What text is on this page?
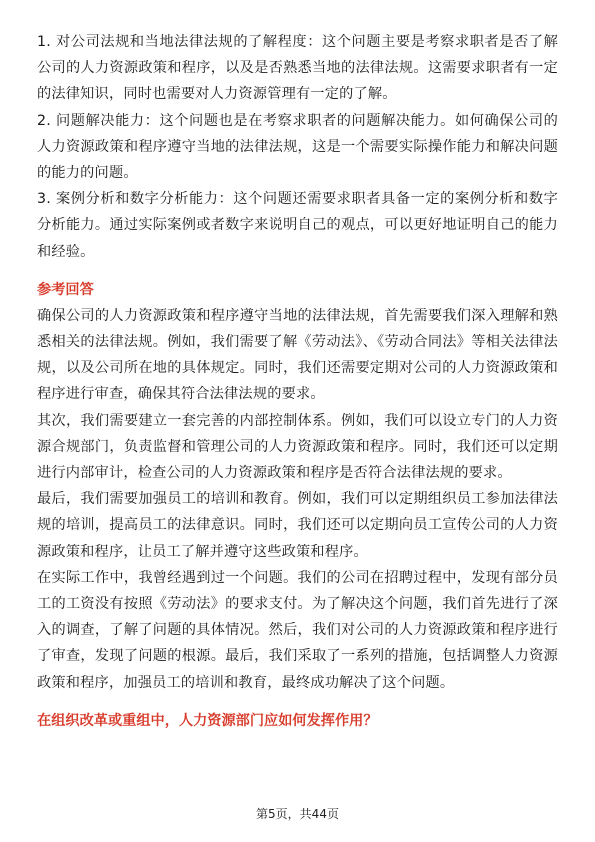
1. 对公司法规和当地法律法规的了解程度：这个问题主要是考察求职者是否了解公司的人力资源政策和程序，以及是否熟悉当地的法律法规。这需要求职者有一定的法律知识，同时也需要对人力资源管理有一定的了解。

2. 问题解决能力：这个问题也是在考察求职者的问题解决能力。如何确保公司的人力资源政策和程序遵守当地的法律法规，这是一个需要实际操作能力和解决问题的能力的问题。

3. 案例分析和数字分析能力：这个问题还需要求职者具备一定的案例分析和数字分析能力。通过实际案例或者数字来说明自己的观点，可以更好地证明自己的能力和经验。

参考回答

确保公司的人力资源政策和程序遵守当地的法律法规，首先需要我们深入理解和熟悉相关的法律法规。例如，我们需要了解《劳动法》、《劳动合同法》等相关法律法规，以及公司所在地的具体规定。同时，我们还需要定期对公司的人力资源政策和程序进行审查，确保其符合法律法规的要求。

其次，我们需要建立一套完善的内部控制体系。例如，我们可以设立专门的人力资源合规部门，负责监督和管理公司的人力资源政策和程序。同时，我们还可以定期进行内部审计，检查公司的人力资源政策和程序是否符合法律法规的要求。

最后，我们需要加强员工的培训和教育。例如，我们可以定期组织员工参加法律法规的培训，提高员工的法律意识。同时，我们还可以定期向员工宣传公司的人力资源政策和程序，让员工了解并遵守这些政策和程序。

在实际工作中，我曾经遇到过一个问题。我们的公司在招聘过程中，发现有部分员工的工资没有按照《劳动法》的要求支付。为了解决这个问题，我们首先进行了深入的调查，了解了问题的具体情况。然后，我们对公司的人力资源政策和程序进行了审查，发现了问题的根源。最后，我们采取了一系列的措施，包括调整人力资源政策和程序，加强员工的培训和教育，最终成功解决了这个问题。

在组织改革或重组中，人力资源部门应如何发挥作用？

第5页，共44页
